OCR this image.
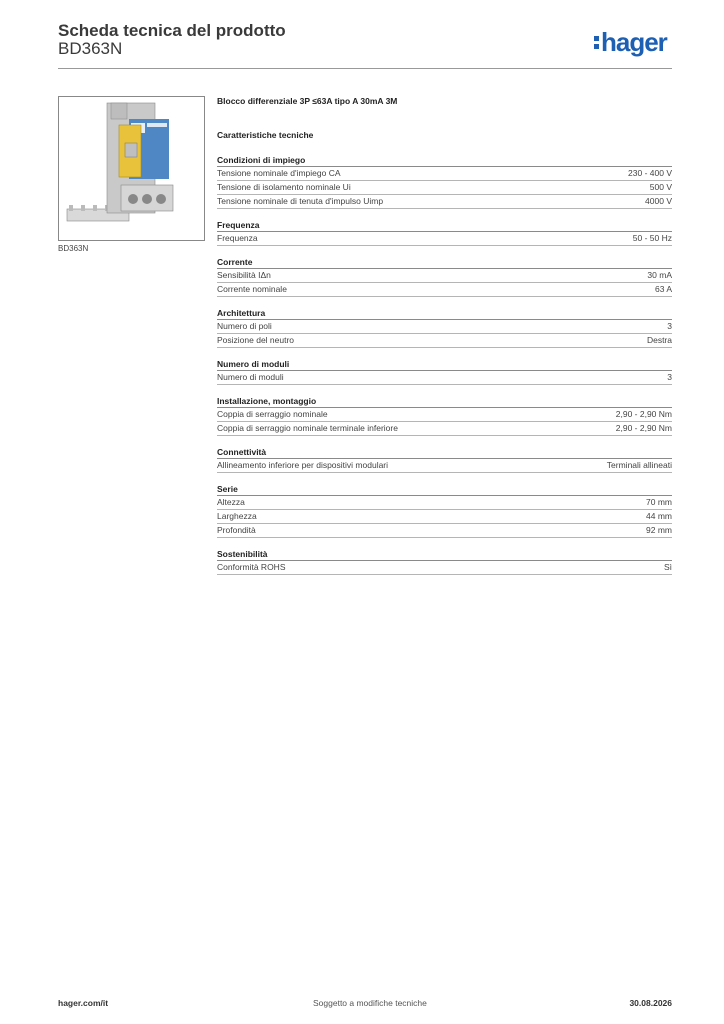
Scheda tecnica del prodotto
BD363N	hager
BD363N
Blocco differenziale 3P ≤63A tipo A 30mA 3M
Caratteristiche tecniche
Condizioni di impiego
Tensione nominale d'impiego CA	230 - 400 V
Tensione di isolamento nominale Ui	500 V
Tensione nominale di tenuta d'impulso Uimp	4000 V
Frequenza
Frequenza	50 - 50 Hz
Corrente
Sensibilità IΔn	30 mA
Corrente nominale	63 A
Architettura
Numero di poli	3
Posizione del neutro	Destra
Numero di moduli
Numero di moduli	3
Installazione, montaggio
Coppia di serraggio nominale	2,90 - 2,90 Nm
Coppia di serraggio nominale terminale inferiore	2,90 - 2,90 Nm
Connettività
Allineamento inferiore per dispositivi modulari	Terminali allineati
Serie
Altezza	70 mm
Larghezza	44 mm
Profondità	92 mm
Sostenibilità
Conformità ROHS	Sì
hager.com/it	Soggetto a modifiche tecniche	30.08.2026
